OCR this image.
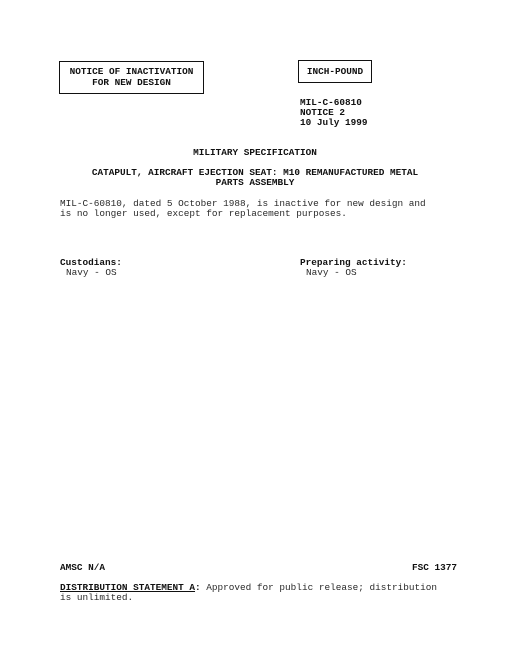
NOTICE OF INACTIVATION
FOR NEW DESIGN
INCH-POUND
MIL-C-60810
NOTICE 2
10 July 1999
MILITARY SPECIFICATION
CATAPULT, AIRCRAFT EJECTION SEAT: M10 REMANUFACTURED METAL
PARTS ASSEMBLY
MIL-C-60810, dated 5 October 1988, is inactive for new design and
is no longer used, except for replacement purposes.
Custodians:
Navy - OS
Preparing activity:
Navy - OS
AMSC N/A	FSC 1377
DISTRIBUTION STATEMENT A: Approved for public release; distribution
is unlimited.
